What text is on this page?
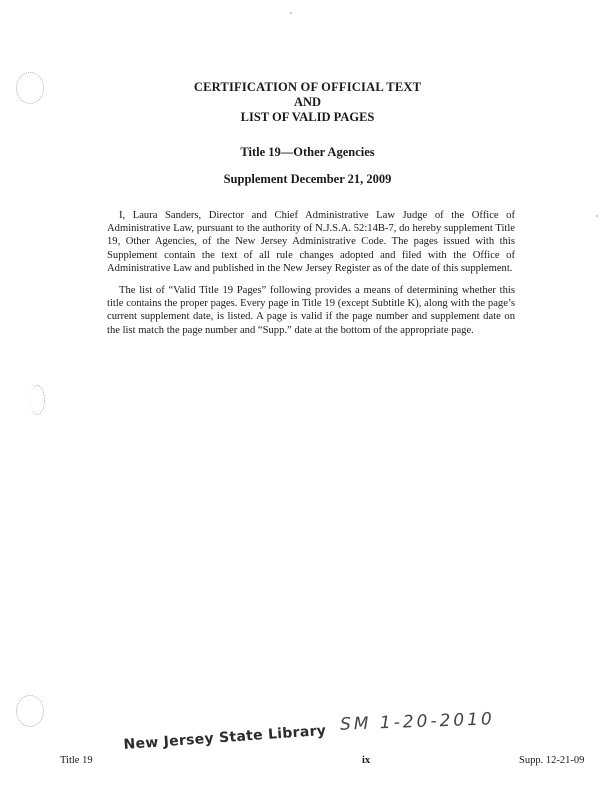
CERTIFICATION OF OFFICIAL TEXT
AND
LIST OF VALID PAGES
Title 19—Other Agencies
Supplement December 21, 2009

I, Laura Sanders, Director and Chief Administrative Law Judge of the Office of Administrative Law, pursuant to the authority of N.J.S.A. 52:14B-7, do hereby supplement Title 19, Other Agencies, of the New Jersey Administrative Code. The pages issued with this Supplement contain the text of all rule changes adopted and filed with the Office of Administrative Law and published in the New Jersey Register as of the date of this supplement.

The list of “Valid Title 19 Pages” following provides a means of determining whether this title contains the proper pages. Every page in Title 19 (except Subtitle K), along with the page’s current supplement date, is listed. A page is valid if the page number and supplement date on the list match the page number and “Supp.” date at the bottom of the appropriate page.

SM 1-20-2010
New Jersey State Library
Title 19	ix	Supp. 12-21-09
